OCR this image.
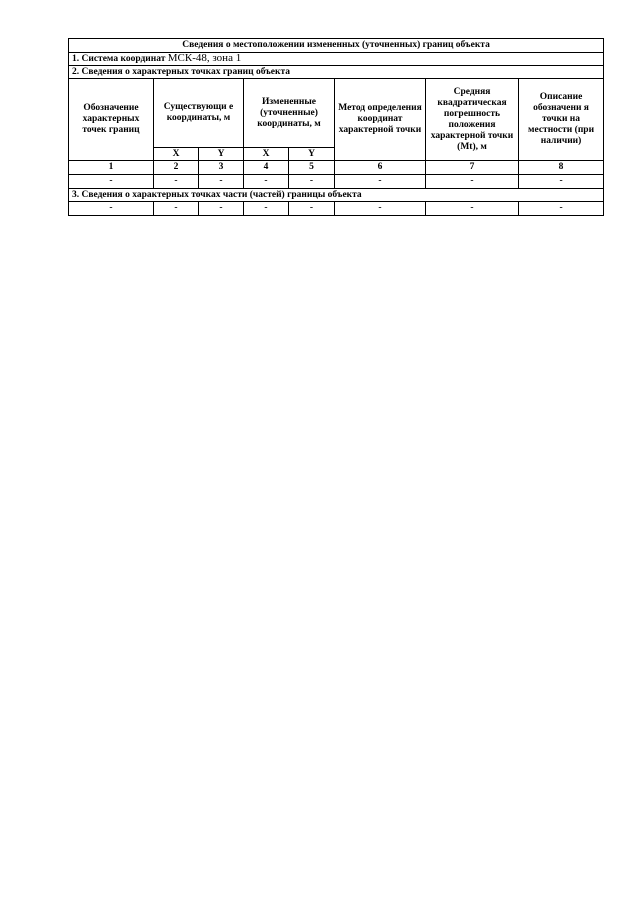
Сведения о местоположении измененных (уточненных) границ объекта							
1. Система координат МСК-48, зона 1							
2. Сведения о характерных точках границ объекта							
Обозначение характерных точек границ	Существующи е координаты, м		Измененные (уточненные) координаты, м		Метод определения координат характерной точки	Средняя квадратическая погрешность положения характерной точки (Mt), м	Описание обозначени я точки на местности (при наличии)
	X	Y	X	Y			
1	2	3	4	5	6	7	8
-	-	-	-	-	-	-	-
3. Сведения о характерных точках части (частей) границы объекта							
-	-	-	-	-	-	-	-
